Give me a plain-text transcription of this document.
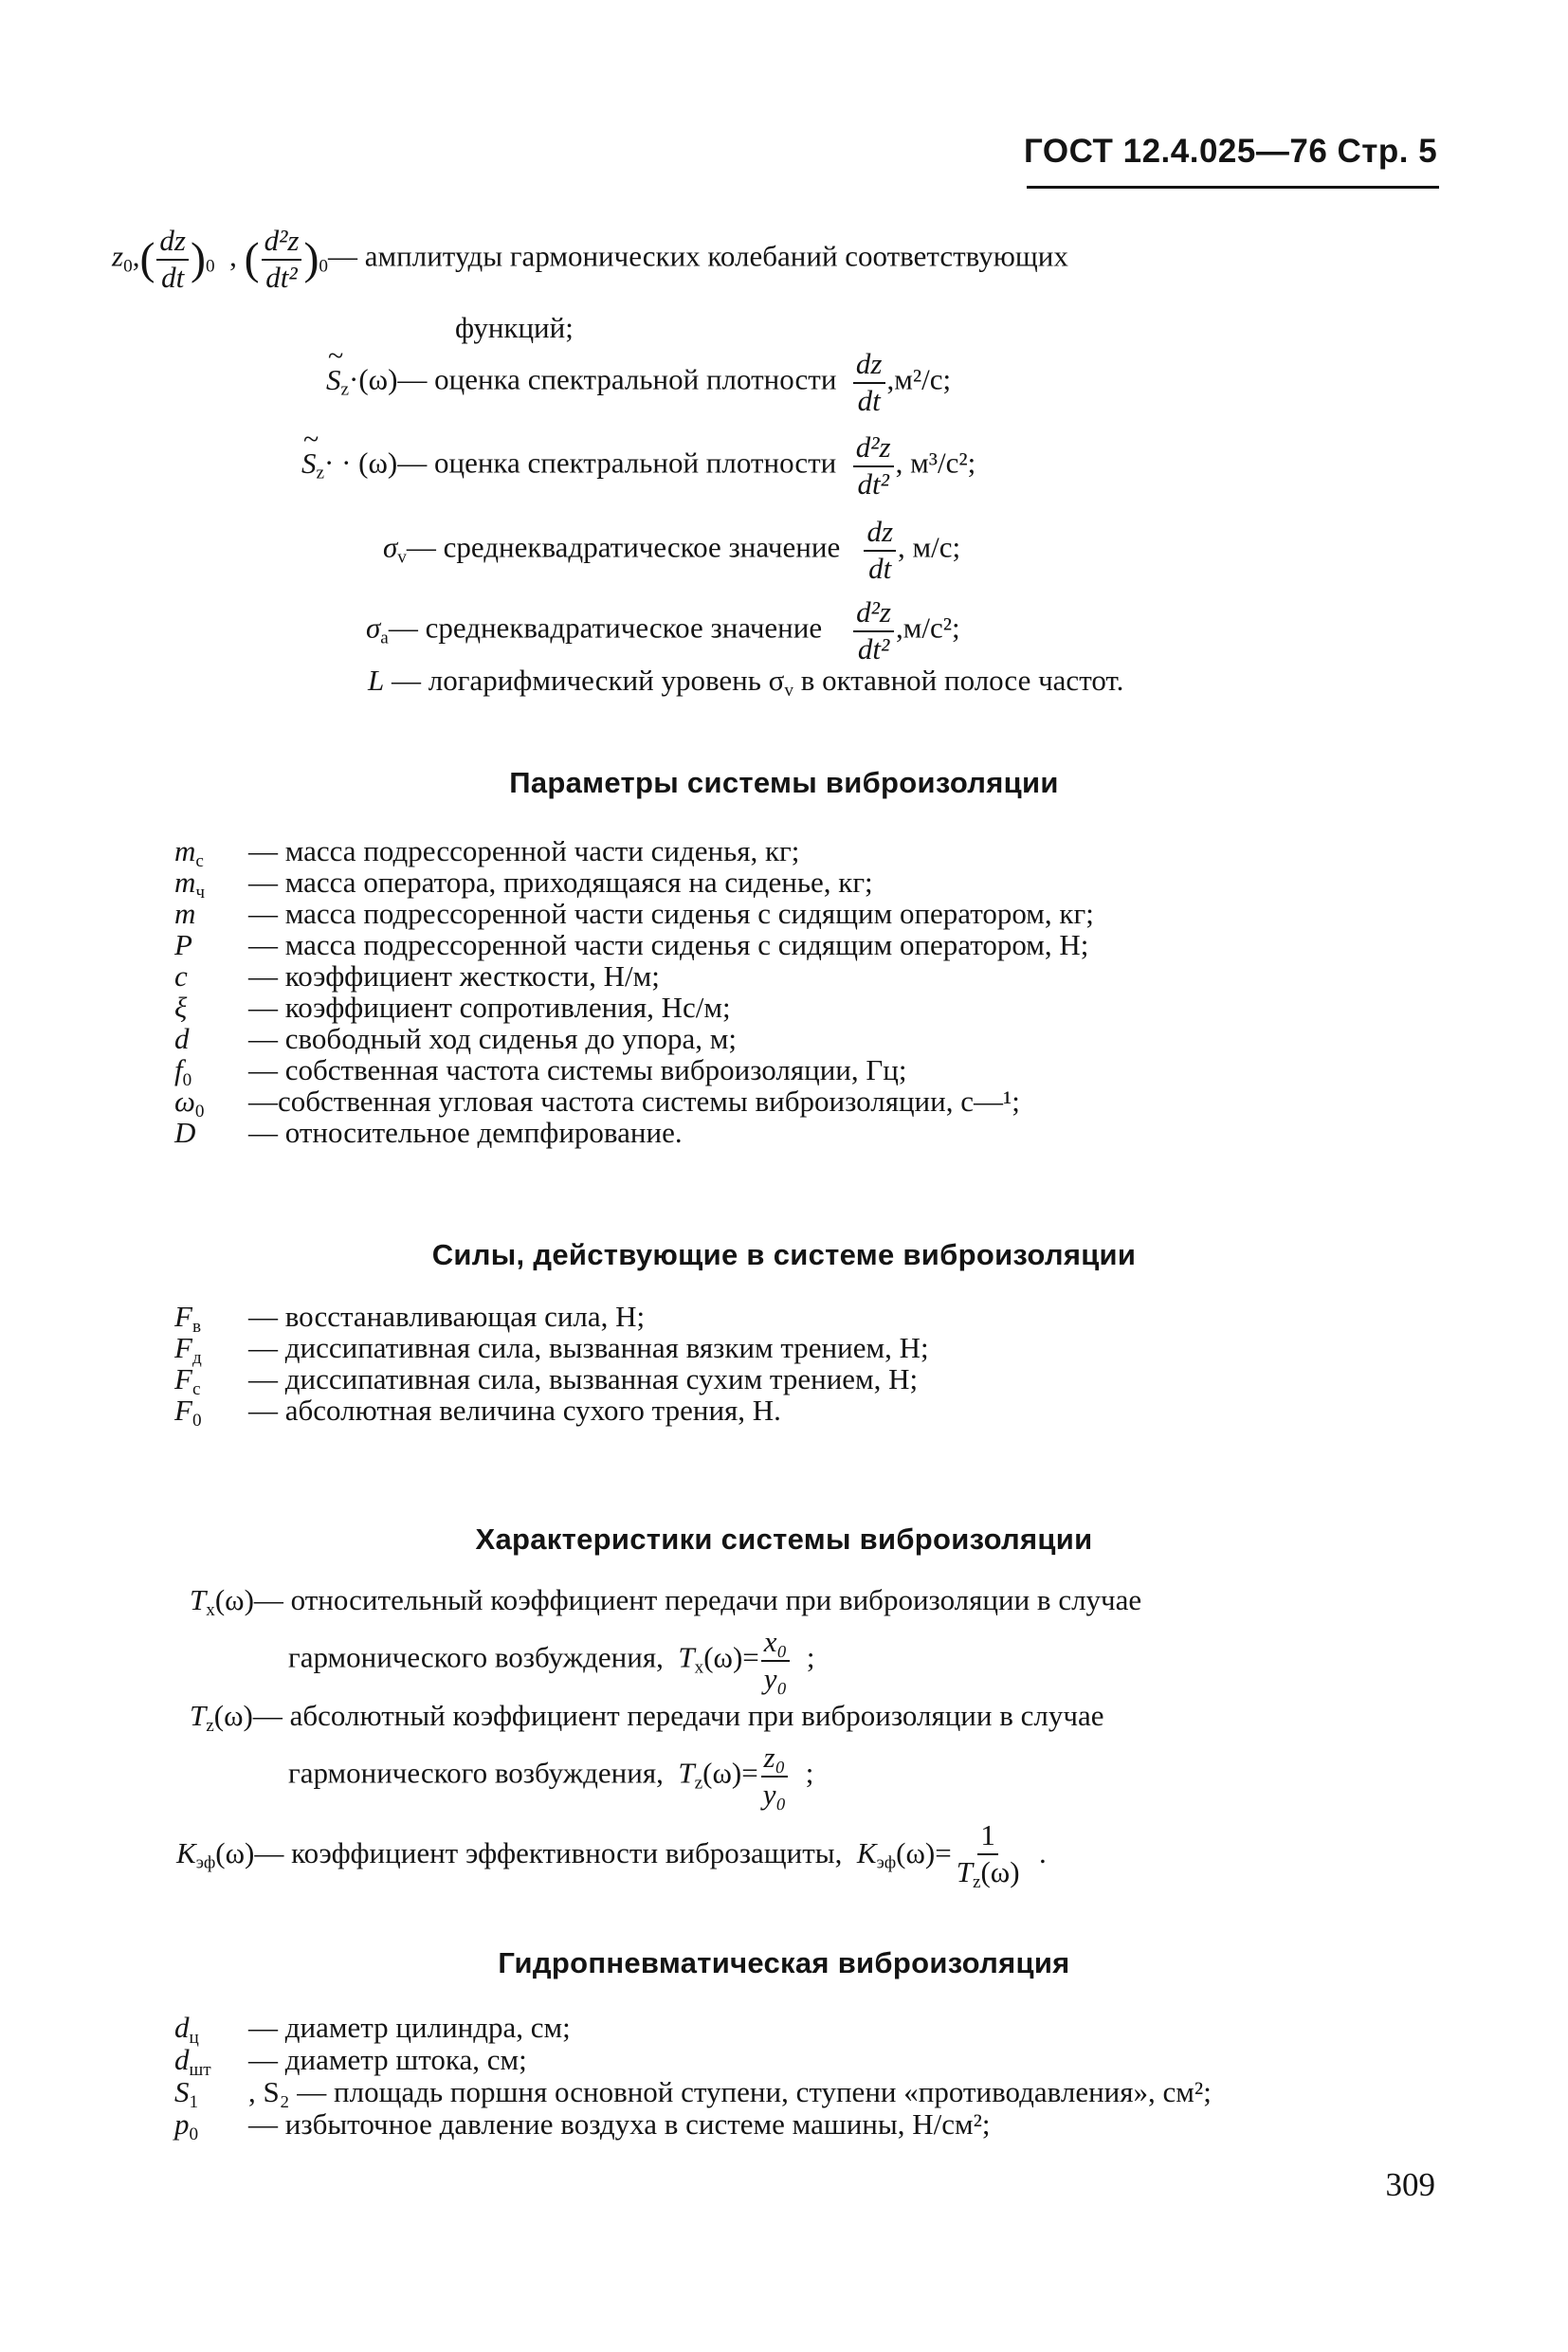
ГОСТ 12.4.025—76 Стр. 5
$z_0,( \frac{dz}{dt} )_0$ , ( $\frac{\text{d²z}}{\text{dt²}}$ )$_0—$ амплитуды гармонических колебаний соответствующих
функций;
~ $S_z\cdot(\omega)—$ оценка спектральной плотности $\frac{dz}{dt} ,м^2/с$;
~ $S_z\cdot$ · (ω)— оценка спектральной плотности $\frac{\text{d²z}}{\text{dt²}}$ , м³/с²;
$\sigma_v—$ среднеквадратическое значение $\frac{dz}{dt}$ , м/с;
$\sigma_a—$ среднеквадратическое значение $\frac{\text{d²z}}{\text{dt²}} ,м/с^2$;
L — логарифмический уровень $\sigma_v$ в октавной полосе частот.
Параметры системы виброизоляции
$m_с$ — масса подрессоренной части сиденья, кг;
$m_ч$ — масса оператора, приходящаяся на сиденье, кг;
m — масса подрессоренной части сиденья с сидящим оператором, кг;
P — масса подрессоренной части сиденья с сидящим оператором, Н;
c — коэффициент жесткости, Н/м;
ξ — коэффициент сопротивления, Нс/м;
d — свободный ход сиденья до упора, м;
$f_0$ — собственная частота системы виброизоляции, Гц;
$\omega_0$ —собственная угловая частота системы виброизоляции, с—¹;
D — относительное демпфирование.
Силы, действующие в системе виброизоляции
$F_в$ — восстанавливающая сила, Н;
$F_д$ — диссипативная сила, вызванная вязким трением, Н;
$F_с$ — диссипативная сила, вызванная сухим трением, Н;
$F_0$ — абсолютная величина сухого трения, Н.
Характеристики системы виброизоляции
$T_x(\omega)—$ относительный коэффициент передачи при виброизоляции в случае
гармонического возбуждения, $T_x(\omega)= \frac{\text{x₀}}{\text{y₀}}$ ;
$T_z(\omega)—$ абсолютный коэффициент передачи при виброизоляции в случае
гармонического возбуждения, $T_z(\omega)= \frac{\text{z₀}}{\text{y₀}}$ ;
$K_{эф}(\omega)—$ коэффициент эффективности виброзащиты, $K_{эф}(\omega)= \frac{1}{T_z(\omega)}$ .
Гидропневматическая виброизоляция
$d_ц$ — диаметр цилиндра, см;
$d_{шт}$ — диаметр штока, см;
$S_1$ , S₂ — площадь поршня основной ступени, ступени «противодавления», см²;
$p_0$ — избыточное давление воздуха в системе машины, Н/см²;
309
